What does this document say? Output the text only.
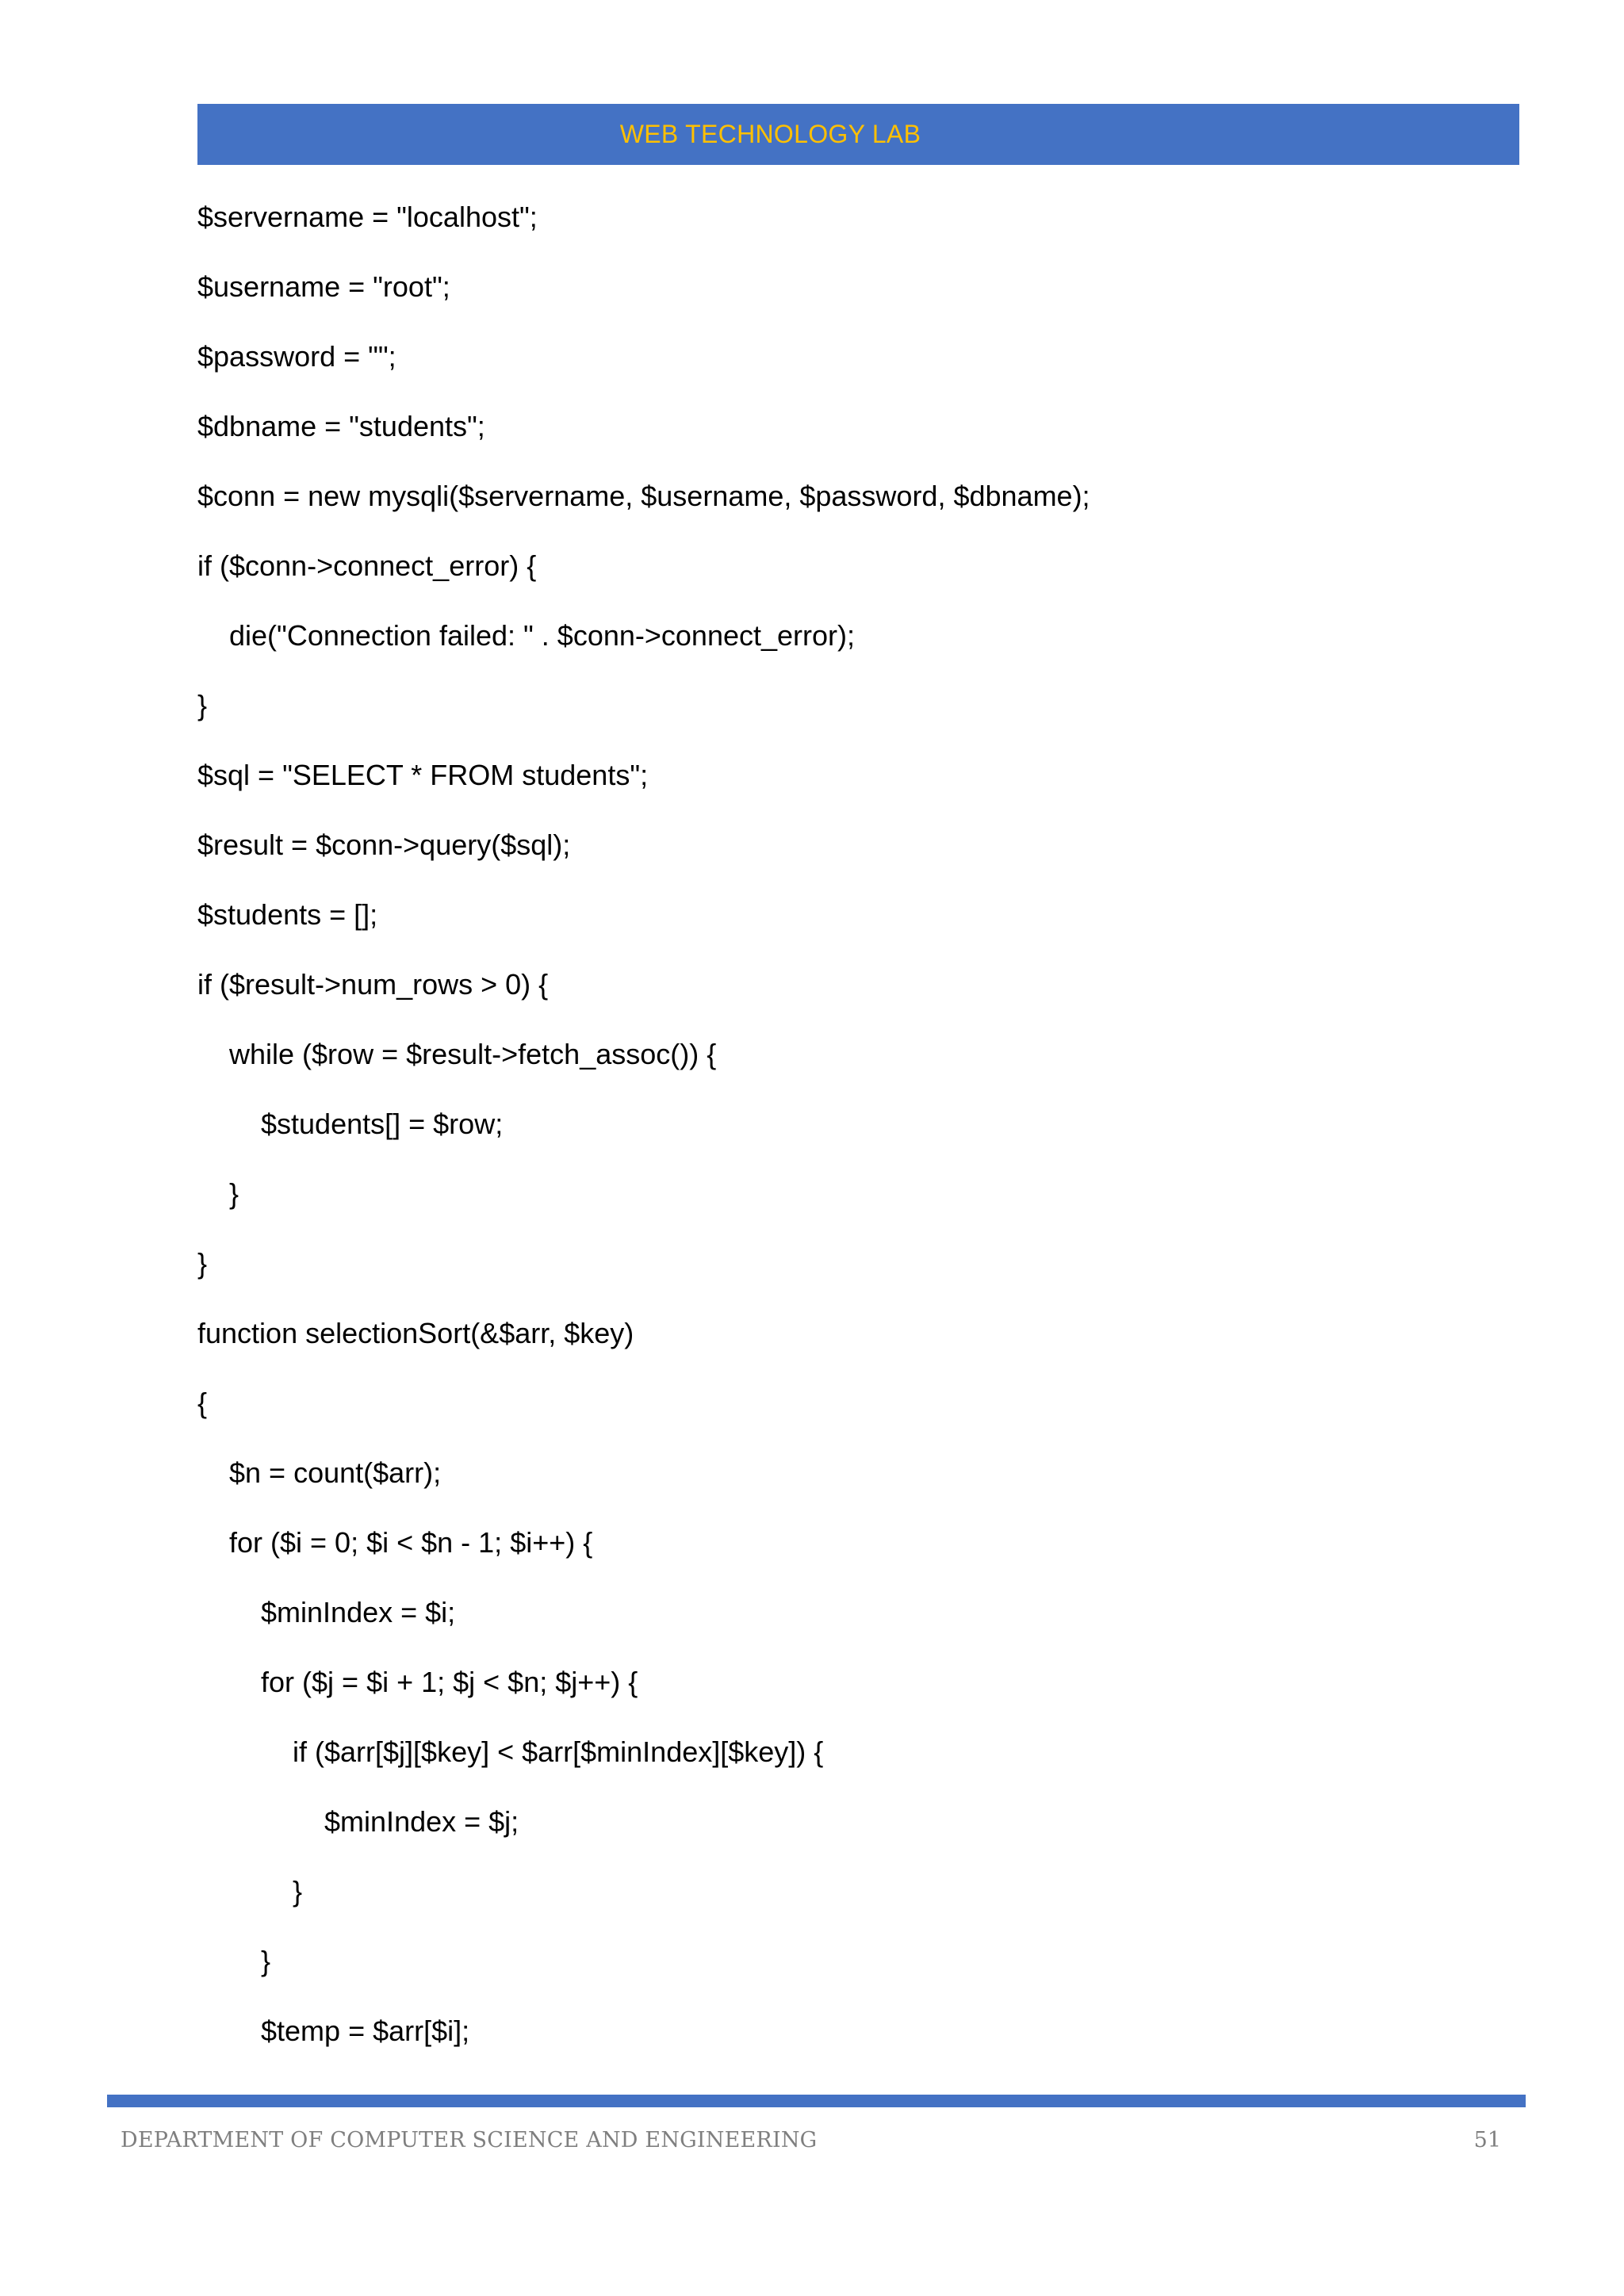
WEB TECHNOLOGY LAB
$servername = "localhost";
$username = "root";
$password = "";
$dbname = "students";
$conn = new mysqli($servername, $username, $password, $dbname);
if ($conn->connect_error) {
die("Connection failed: " . $conn->connect_error);
}
$sql = "SELECT * FROM students";
$result = $conn->query($sql);
$students = [];
if ($result->num_rows > 0) {
while ($row = $result->fetch_assoc()) {
$students[] = $row;
}
}
function selectionSort(&$arr, $key)
{
$n = count($arr);
for ($i = 0; $i < $n - 1; $i++) {
$minIndex = $i;
for ($j = $i + 1; $j < $n; $j++) {
if ($arr[$j][$key] < $arr[$minIndex][$key]) {
$minIndex = $j;
}
}
$temp = $arr[$i];
DEPARTMENT OF COMPUTER SCIENCE AND ENGINEERING	51
